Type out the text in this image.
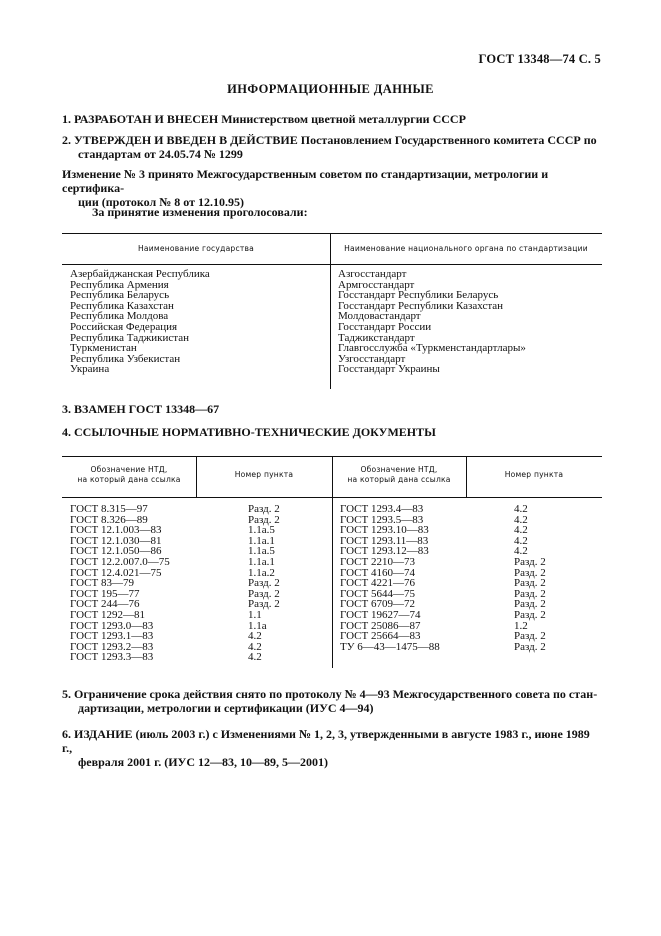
ГОСТ 13348—74 С. 5
ИНФОРМАЦИОННЫЕ ДАННЫЕ
1. РАЗРАБОТАН И ВНЕСЕН Министерством цветной металлургии СССР
2. УТВЕРЖДЕН И ВВЕДЕН В ДЕЙСТВИЕ Постановлением Государственного комитета СССР по
стандартам от 24.05.74 № 1299
Изменение № 3 принято Межгосударственным советом по стандартизации, метрологии и сертифика-
ции (протокол № 8 от 12.10.95)
За принятие изменения проголосовали:
Наименование государства	Наименование национального органа по стандартизации
Азербайджанская Республика
Республика Армения
Республика Беларусь
Республика Казахстан
Республика Молдова
Российская Федерация
Республика Таджикистан
Туркменистан
Республика Узбекистан
Украина
Азгосстандарт
Армгосстандарт
Госстандарт Республики Беларусь
Госстандарт Республики Казахстан
Молдовастандарт
Госстандарт России
Таджикстандарт
Главгосслужба «Туркменстандартлары»
Узгосстандарт
Госстандарт Украины
3. ВЗАМЕН ГОСТ 13348—67
4. ССЫЛОЧНЫЕ НОРМАТИВНО-ТЕХНИЧЕСКИЕ ДОКУМЕНТЫ
Обозначение НТД,
на который дана ссылка
Номер пункта
Обозначение НТД,
на который дана ссылка
Номер пункта
ГОСТ 8.315—97
ГОСТ 8.326—89
ГОСТ 12.1.003—83
ГОСТ 12.1.030—81
ГОСТ 12.1.050—86
ГОСТ 12.2.007.0—75
ГОСТ 12.4.021—75
ГОСТ 83—79
ГОСТ 195—77
ГОСТ 244—76
ГОСТ 1292—81
ГОСТ 1293.0—83
ГОСТ 1293.1—83
ГОСТ 1293.2—83
ГОСТ 1293.3—83
Разд. 2
Разд. 2
1.1а.5
1.1а.1
1.1а.5
1.1а.1
1.1а.2
Разд. 2
Разд. 2
Разд. 2
1.1
1.1а
4.2
4.2
4.2
ГОСТ 1293.4—83
ГОСТ 1293.5—83
ГОСТ 1293.10—83
ГОСТ 1293.11—83
ГОСТ 1293.12—83
ГОСТ 2210—73
ГОСТ 4160—74
ГОСТ 4221—76
ГОСТ 5644—75
ГОСТ 6709—72
ГОСТ 19627—74
ГОСТ 25086—87
ГОСТ 25664—83
ТУ 6—43—1475—88
4.2
4.2
4.2
4.2
4.2
Разд. 2
Разд. 2
Разд. 2
Разд. 2
Разд. 2
Разд. 2
1.2
Разд. 2
Разд. 2
5. Ограничение срока действия снято по протоколу № 4—93 Межгосударственного совета по стан-
дартизации, метрологии и сертификации (ИУС 4—94)
6. ИЗДАНИЕ (июль 2003 г.) с Изменениями № 1, 2, 3, утвержденными в августе 1983 г., июне 1989 г.,
февраля 2001 г. (ИУС 12—83, 10—89, 5—2001)
